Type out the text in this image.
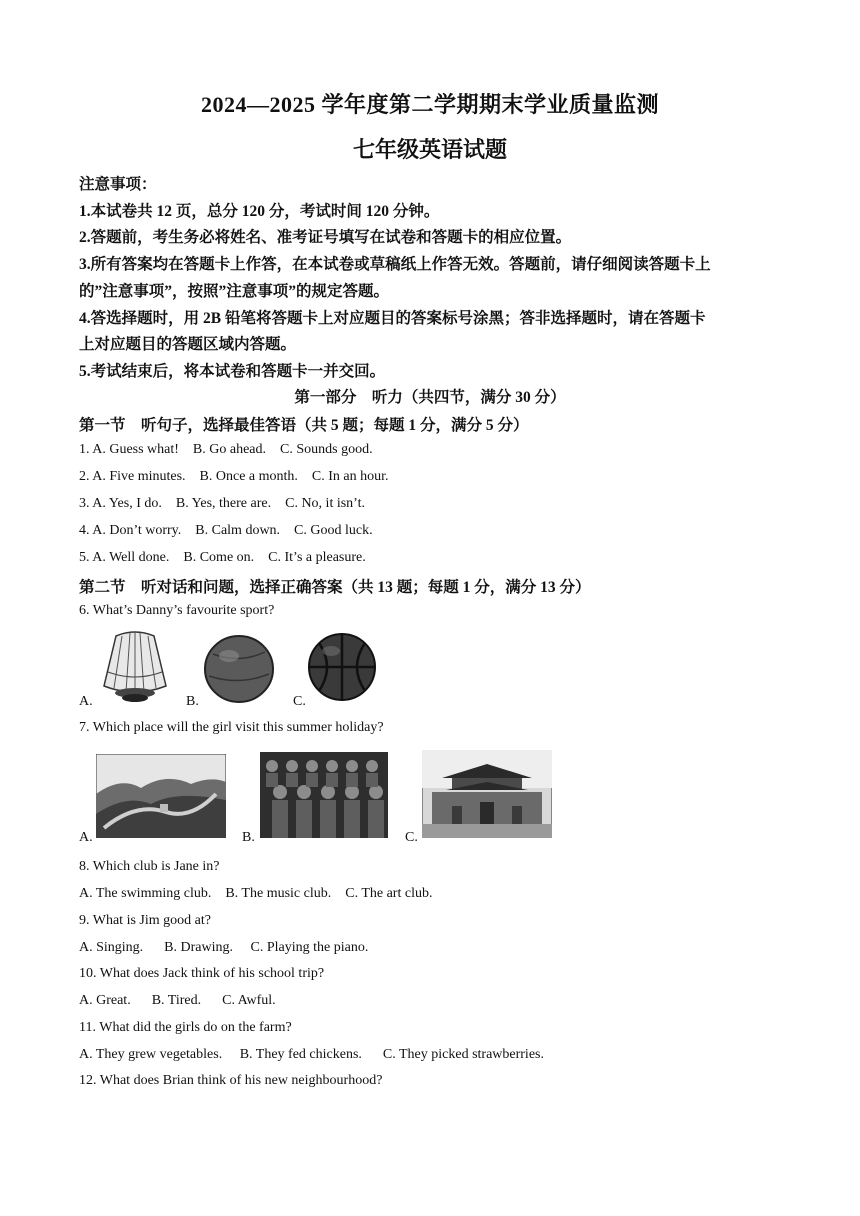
2024—2025 学年度第二学期期末学业质量监测
七年级英语试题
注意事项：
1.本试卷共 12 页，总分 120 分，考试时间 120 分钟。
2.答题前，考生务必将姓名、准考证号填写在试卷和答题卡的相应位置。
3.所有答案均在答题卡上作答，在本试卷或草稿纸上作答无效。答题前，请仔细阅读答题卡上
的”注意事项”，按照”注意事项”的规定答题。
4.答选择题时，用 2B 铅笔将答题卡上对应题目的答案标号涂黑；答非选择题时，请在答题卡
上对应题目的答题区域内答题。
5.考试结束后，将本试卷和答题卡一并交回。
第一部分　听力（共四节，满分 30 分）
第一节　听句子，选择最佳答语（共 5 题；每题 1 分，满分 5 分）
1. A. Guess what!    B. Go ahead.    C. Sounds good.
2. A. Five minutes.    B. Once a month.    C. In an hour.
3. A. Yes, I do.    B. Yes, there are.    C. No, it isn’t.
4. A. Don’t worry.    B. Calm down.    C. Good luck.
5. A. Well done.    B. Come on.    C. It’s a pleasure.
第二节　听对话和问题，选择正确答案（共 13 题；每题 1 分，满分 13 分）
6. What’s Danny’s favourite sport?
A.	B.	C.
7. Which place will the girl visit this summer holiday?
A.	B.	C.
8. Which club is Jane in?
A. The swimming club.    B. The music club.    C. The art club.
9. What is Jim good at?
A. Singing.      B. Drawing.     C. Playing the piano.
10. What does Jack think of his school trip?
A. Great.      B. Tired.      C. Awful.
11. What did the girls do on the farm?
A. They grew vegetables.     B. They fed chickens.      C. They picked strawberries.
12. What does Brian think of his new neighbourhood?
